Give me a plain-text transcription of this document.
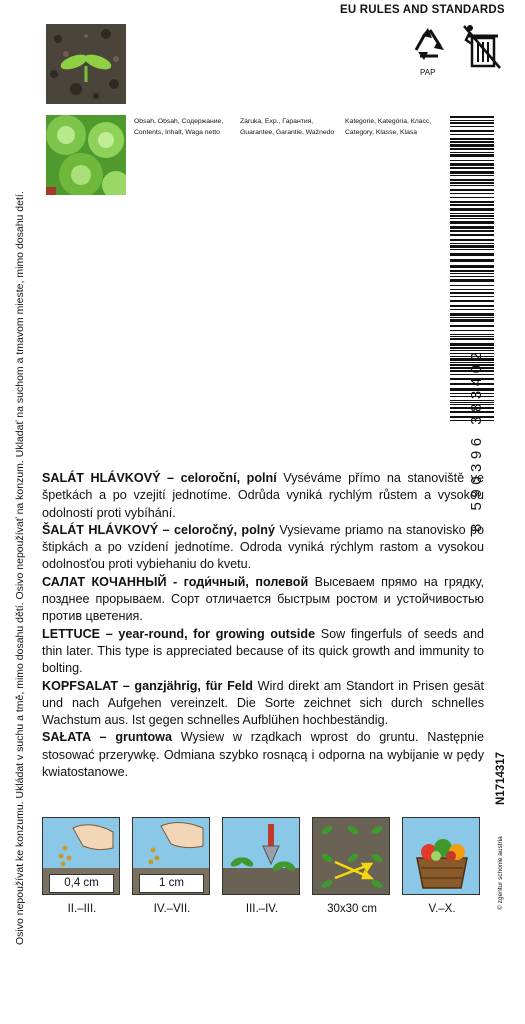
EU RULES AND STANDARDS
PAP
Obsah, Obsah, Содержание, Contents, Inhalt, Waga netto
Záruka, Exp., Гарантия, Guarantee, Garantie, Ważnedo
Kategorie, Kategória, Класс, Category, Klasse, Klasa
8 590396 383402
Osivo nepoužívat ke konzumu. Ukládat v suchu a tmě, mimo dosahu dětí. Osivo nepoužívať na konzum. Ukladať na suchom a tmavom mieste, mimo dosahu detí. SALÁT HLÁVKOVÝ – celoroční, polní Vyséváme přímo na stanoviště ve špetkách a po vzejití jednotíme. Odrůda vyniká rychlým růstem a vysokou odolností proti vybíhání.

ŠALÁT HLÁVKOVÝ – celoročný, polný Vysievame priamo na stanovisko po štipkách a po vzídení jednotíme. Odroda vyniká rýchlym rastom a vysokou odolnosťou proti vybiehaniu do kvetu.

САЛАТ КОЧАННЫЙ - годи́чный, полевой Высеваем прямо на грядку, позднее прорываем. Сорт отличается быстрым ростом и устойчивостью против цветения.

LETTUCE – year-round, for growing outside Sow fingerfuls of seeds and thin later. This type is appreciated because of its quick growth and immunity to bolting.

KOPFSALAT – ganzjährig, für Feld Wird direkt am Standort in Prisen gesät und nach Aufgehen vereinzelt. Die Sorte zeichnet sich durch schnelles Wachstum aus. Ist gegen schnelles Aufblühen hochbeständig.

SAŁATA – gruntowa Wysiew w rządkach wprost do gruntu. Następnie stosować przerywkę. Odmiana szybko rosnącą i odporna na wybijanie w pędy kwiatostanowe.	N1714317
© zgentur schonle austria
0,4 cm	1 cm
II.–III.	IV.–VII.	III.–IV.	30x30 cm	V.–X.
